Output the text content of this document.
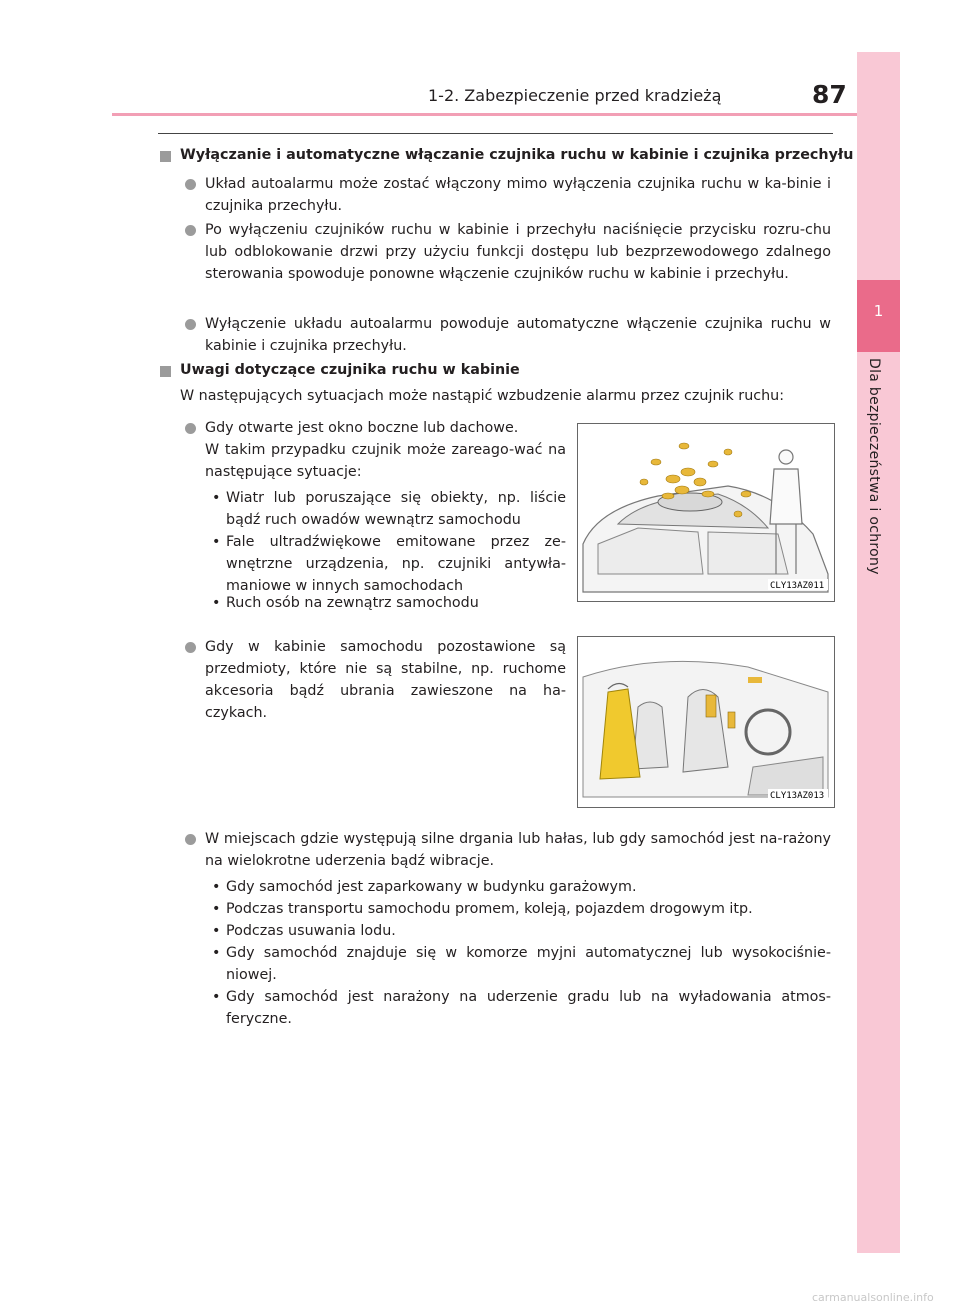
1-2. Zabezpieczenie przed kradzieżą	87
1
Dla bezpieczeństwa i ochrony
Wyłączanie i automatyczne włączanie czujnika ruchu w kabinie i czujnika przechyłu
Układ autoalarmu może zostać włączony mimo wyłączenia czujnika ruchu w ka-binie i czujnika przechyłu.
Po wyłączeniu czujników ruchu w kabinie i przechyłu naciśnięcie przycisku rozru-chu lub odblokowanie drzwi przy użyciu funkcji dostępu lub bezprzewodowego zdalnego sterowania spowoduje ponowne włączenie czujników ruchu w kabinie i przechyłu.
Wyłączenie układu autoalarmu powoduje automatyczne włączenie czujnika ruchu w kabinie i czujnika przechyłu.
Uwagi dotyczące czujnika ruchu w kabinie
W następujących sytuacjach może nastąpić wzbudzenie alarmu przez czujnik ruchu:
Gdy otwarte jest okno boczne lub dachowe.
W takim przypadku czujnik może zareago-wać na następujące sytuacje:
• Wiatr lub poruszające się obiekty, np. liście bądź ruch owadów wewnątrz samochodu
• Fale ultradźwiękowe emitowane przez ze-wnętrzne urządzenia, np. czujniki antywła-maniowe w innych samochodach
• Ruch osób na zewnątrz samochodu
CLY13AZ011
Gdy w kabinie samochodu pozostawione są przedmioty, które nie są stabilne, np. ruchome akcesoria bądź ubrania zawieszone na ha-czykach.
CLY13AZ013
W miejscach gdzie występują silne drgania lub hałas, lub gdy samochód jest na-rażony na wielokrotne uderzenia bądź wibracje.
• Gdy samochód jest zaparkowany w budynku garażowym.
• Podczas transportu samochodu promem, koleją, pojazdem drogowym itp.
• Podczas usuwania lodu.
• Gdy samochód znajduje się w komorze myjni automatycznej lub wysokociśnie-niowej.
• Gdy samochód jest narażony na uderzenie gradu lub na wyładowania atmos-feryczne.
carmanualsonline.info
